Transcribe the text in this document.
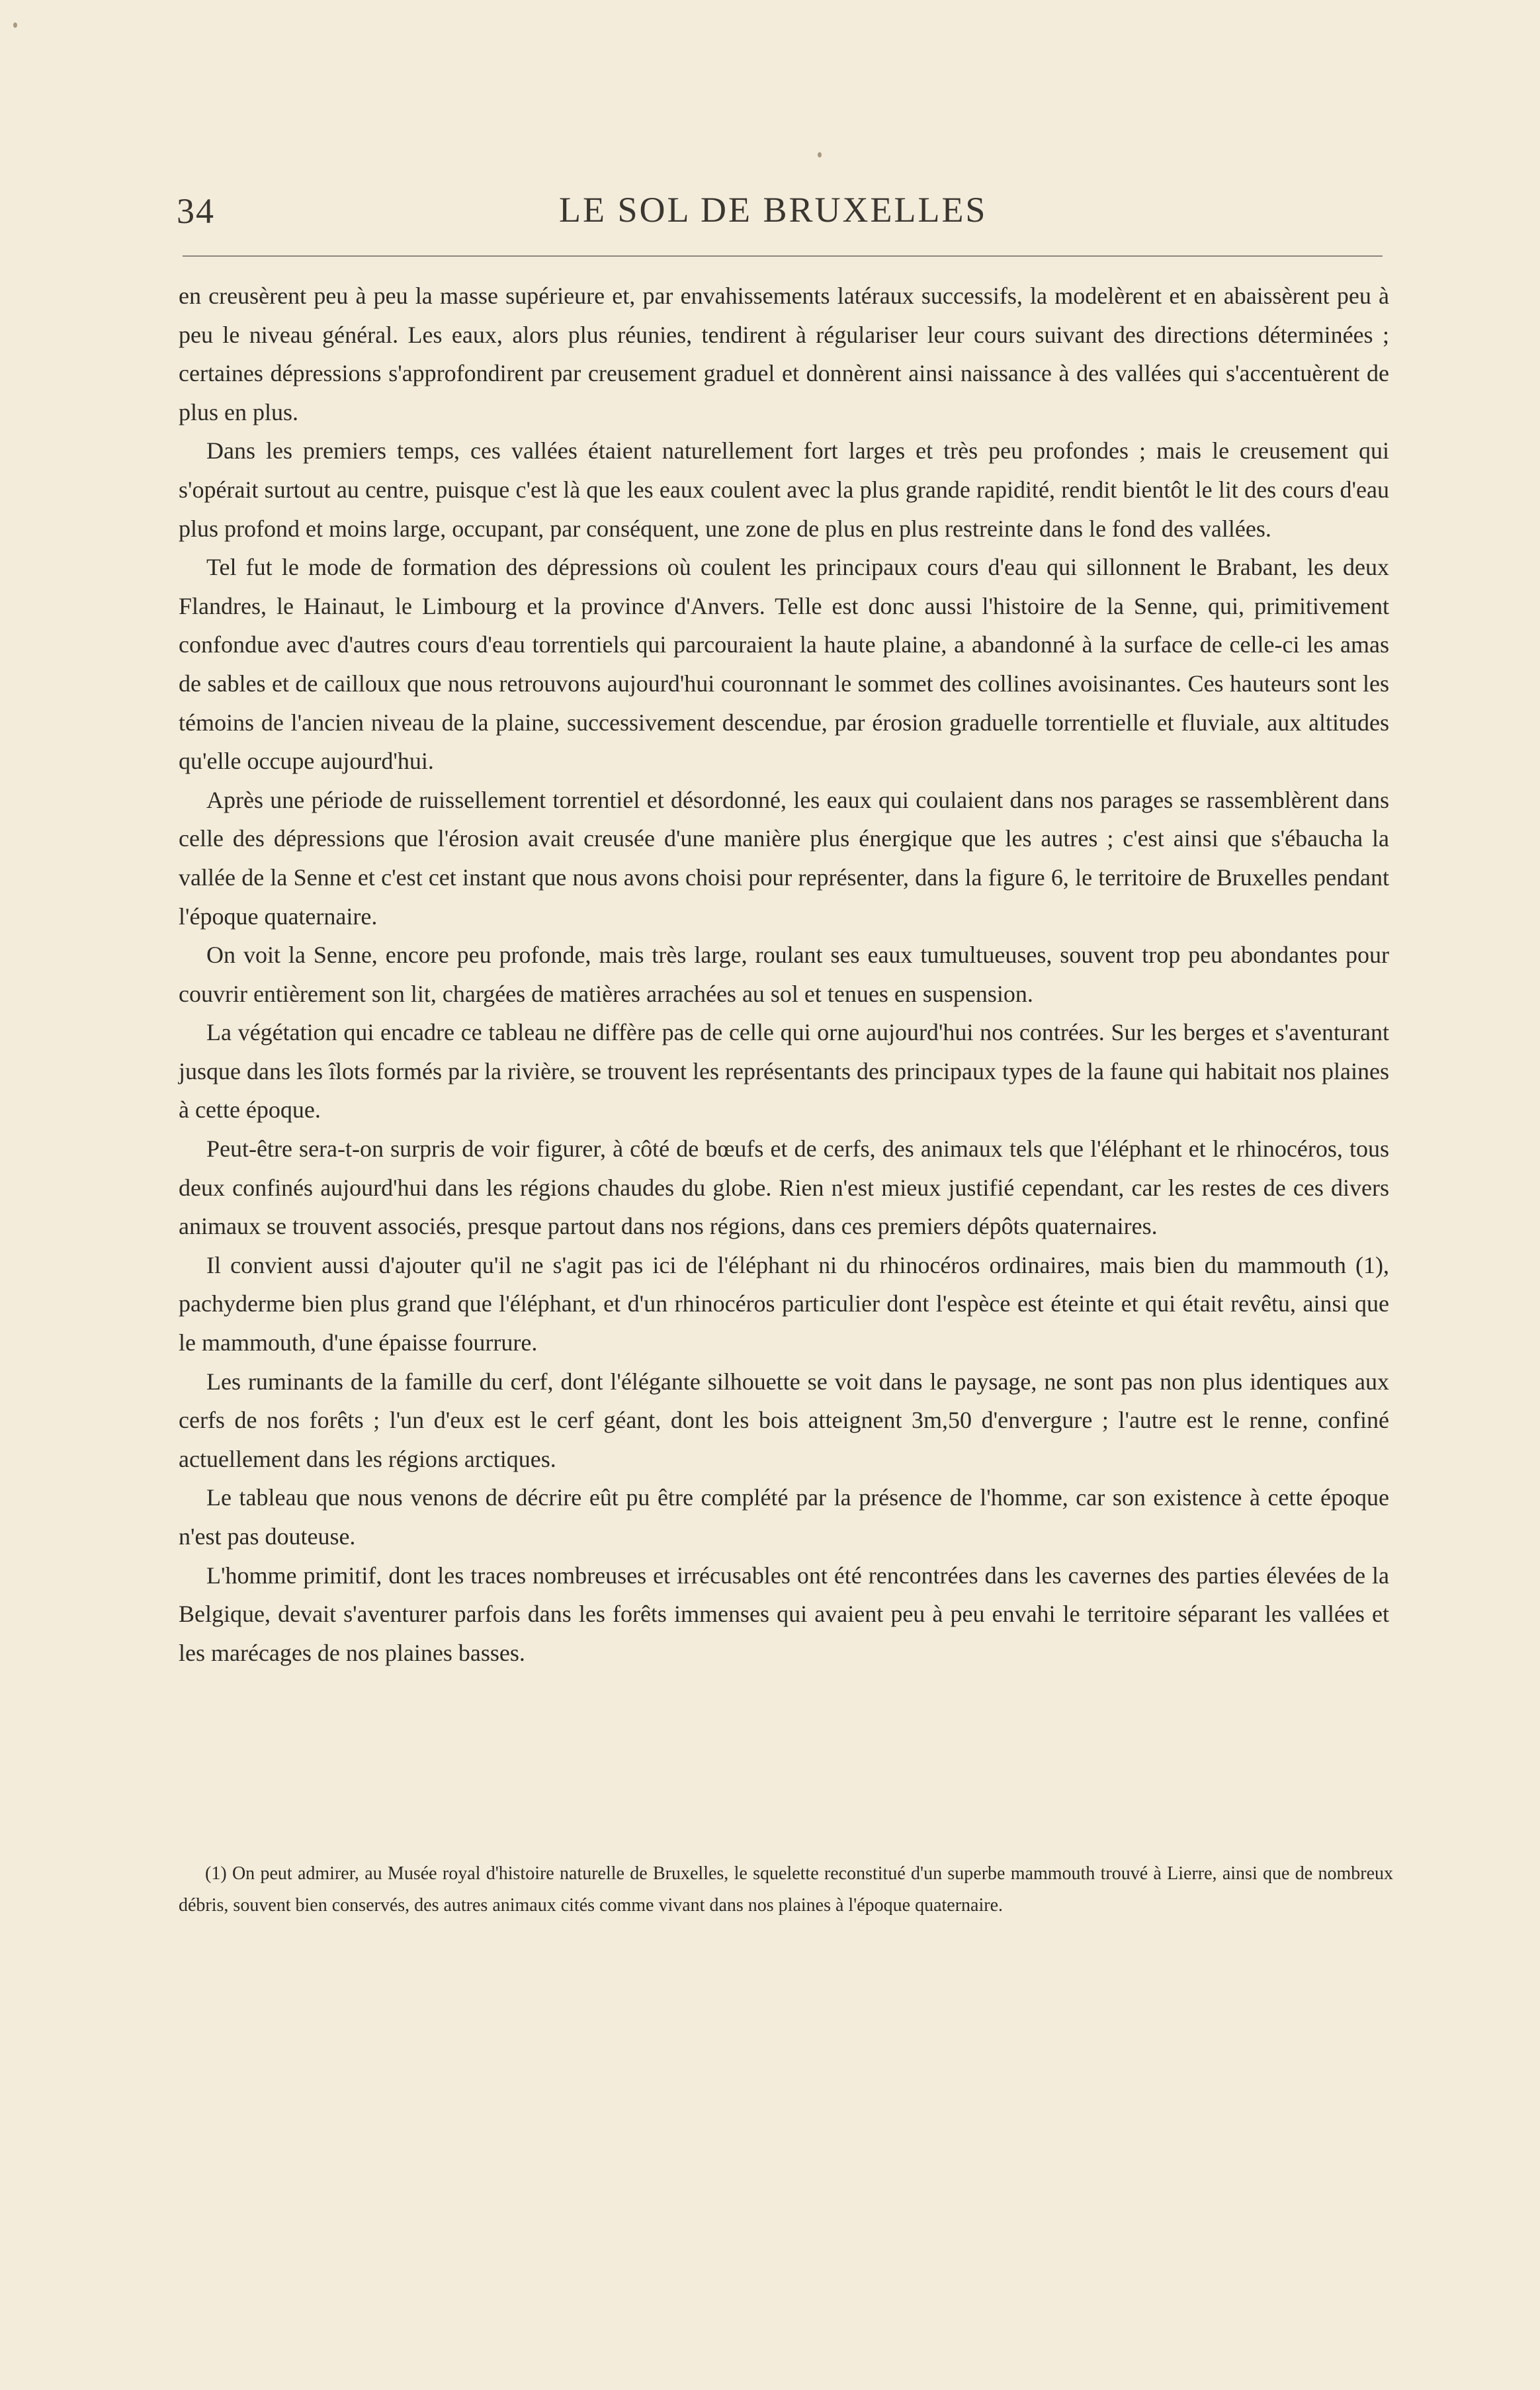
34	LE SOL DE BRUXELLES

en creusèrent peu à peu la masse supérieure et, par envahissements latéraux successifs, la modelèrent et en abaissèrent peu à peu le niveau général. Les eaux, alors plus réunies, tendirent à régulariser leur cours suivant des directions déterminées ; certaines dépressions s'approfondirent par creusement graduel et donnèrent ainsi naissance à des vallées qui s'accentuèrent de plus en plus.

Dans les premiers temps, ces vallées étaient naturellement fort larges et très peu profondes ; mais le creusement qui s'opérait surtout au centre, puisque c'est là que les eaux coulent avec la plus grande rapidité, rendit bientôt le lit des cours d'eau plus profond et moins large, occupant, par conséquent, une zone de plus en plus restreinte dans le fond des vallées.

Tel fut le mode de formation des dépressions où coulent les principaux cours d'eau qui sillonnent le Brabant, les deux Flandres, le Hainaut, le Limbourg et la province d'Anvers. Telle est donc aussi l'histoire de la Senne, qui, primitivement confondue avec d'autres cours d'eau torrentiels qui parcouraient la haute plaine, a abandonné à la surface de celle-ci les amas de sables et de cailloux que nous retrouvons aujourd'hui couronnant le sommet des collines avoisinantes. Ces hauteurs sont les témoins de l'ancien niveau de la plaine, successivement descendue, par érosion graduelle torrentielle et fluviale, aux altitudes qu'elle occupe aujourd'hui.

Après une période de ruissellement torrentiel et désordonné, les eaux qui coulaient dans nos parages se rassemblèrent dans celle des dépressions que l'érosion avait creusée d'une manière plus énergique que les autres ; c'est ainsi que s'ébaucha la vallée de la Senne et c'est cet instant que nous avons choisi pour représenter, dans la figure 6, le territoire de Bruxelles pendant l'époque quaternaire.

On voit la Senne, encore peu profonde, mais très large, roulant ses eaux tumultueuses, souvent trop peu abondantes pour couvrir entièrement son lit, chargées de matières arrachées au sol et tenues en suspension.

La végétation qui encadre ce tableau ne diffère pas de celle qui orne aujourd'hui nos contrées. Sur les berges et s'aventurant jusque dans les îlots formés par la rivière, se trouvent les représentants des principaux types de la faune qui habitait nos plaines à cette époque.

Peut-être sera-t-on surpris de voir figurer, à côté de bœufs et de cerfs, des animaux tels que l'éléphant et le rhinocéros, tous deux confinés aujourd'hui dans les régions chaudes du globe. Rien n'est mieux justifié cependant, car les restes de ces divers animaux se trouvent associés, presque partout dans nos régions, dans ces premiers dépôts quaternaires.

Il convient aussi d'ajouter qu'il ne s'agit pas ici de l'éléphant ni du rhinocéros ordinaires, mais bien du mammouth (1), pachyderme bien plus grand que l'éléphant, et d'un rhinocéros particulier dont l'espèce est éteinte et qui était revêtu, ainsi que le mammouth, d'une épaisse fourrure.

Les ruminants de la famille du cerf, dont l'élégante silhouette se voit dans le paysage, ne sont pas non plus identiques aux cerfs de nos forêts ; l'un d'eux est le cerf géant, dont les bois atteignent 3m,50 d'envergure ; l'autre est le renne, confiné actuellement dans les régions arctiques.

Le tableau que nous venons de décrire eût pu être complété par la présence de l'homme, car son existence à cette époque n'est pas douteuse.

L'homme primitif, dont les traces nombreuses et irrécusables ont été rencontrées dans les cavernes des parties élevées de la Belgique, devait s'aventurer parfois dans les forêts immenses qui avaient peu à peu envahi le territoire séparant les vallées et les marécages de nos plaines basses.

(1) On peut admirer, au Musée royal d'histoire naturelle de Bruxelles, le squelette reconstitué d'un superbe mammouth trouvé à Lierre, ainsi que de nombreux débris, souvent bien conservés, des autres animaux cités comme vivant dans nos plaines à l'époque quaternaire.
